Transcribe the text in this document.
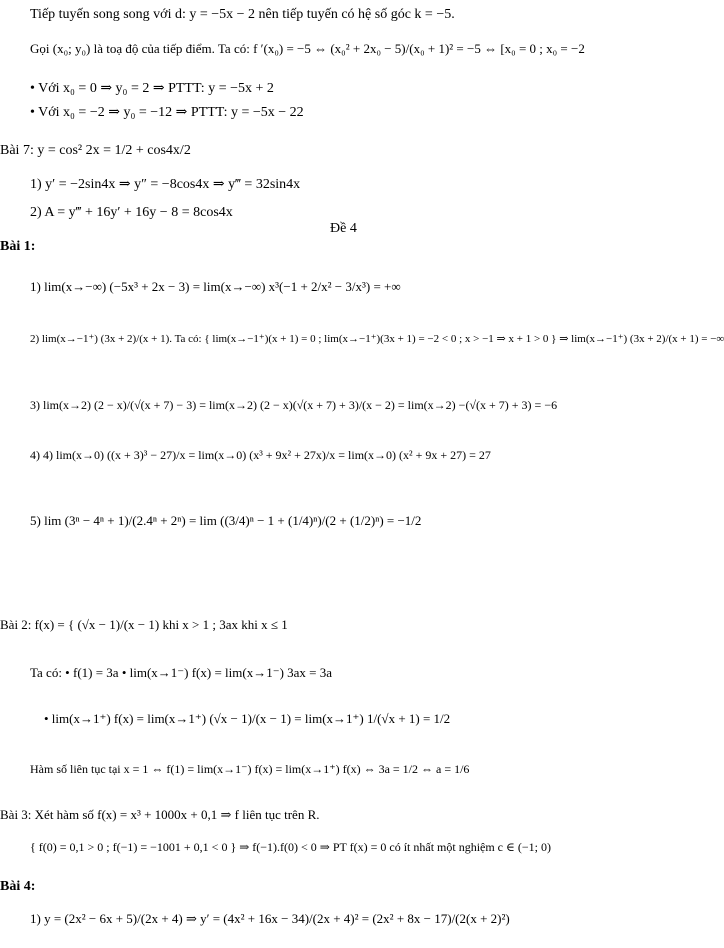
Tiếp tuyến song song với d: y = −5x − 2 nên tiếp tuyến có hệ số góc k = −5.
Gọi (x₀; y₀) là toạ độ của tiếp điểm. Ta có: f ′(x₀) = −5 ⇔ (x₀² + 2x₀ − 5)/(x₀ + 1)² = −5 ⇔ [x₀ = 0 ; x₀ = −2
• Với x₀ = 0 ⇒ y₀ = 2 ⇒ PTTT: y = −5x + 2
• Với x₀ = −2 ⇒ y₀ = −12 ⇒ PTTT: y = −5x − 22
Bài 7: y = cos² 2x = 1/2 + cos4x/2
1) y′ = −2sin4x ⇒ y″ = −8cos4x ⇒ y‴ = 32sin4x
2) A = y‴ + 16y′ + 16y − 8 = 8cos4x
Đề 4
Bài 1:
1) lim(x→−∞) (−5x³ + 2x − 3) = lim(x→−∞) x³(−1 + 2/x² − 3/x³) = +∞
2) lim(x→−1⁺) (3x + 2)/(x + 1). Ta có: { lim(x→−1⁺)(x + 1) = 0 ; lim(x→−1⁺)(3x + 1) = −2 < 0 ; x > −1 ⇒ x + 1 > 0 } ⇒ lim(x→−1⁺) (3x + 2)/(x + 1) = −∞
3) lim(x→2) (2 − x)/(√(x + 7) − 3) = lim(x→2) (2 − x)(√(x + 7) + 3)/(x − 2) = lim(x→2) −(√(x + 7) + 3) = −6
4) 4) lim(x→0) ((x + 3)³ − 27)/x = lim(x→0) (x³ + 9x² + 27x)/x = lim(x→0) (x² + 9x + 27) = 27
5) lim (3ⁿ − 4ⁿ + 1)/(2.4ⁿ + 2ⁿ) = lim ((3/4)ⁿ − 1 + (1/4)ⁿ)/(2 + (1/2)ⁿ) = −1/2
Bài 2: f(x) = { (√x − 1)/(x − 1) khi x > 1 ; 3ax khi x ≤ 1
Ta có: • f(1) = 3a • lim(x→1⁻) f(x) = lim(x→1⁻) 3ax = 3a
• lim(x→1⁺) f(x) = lim(x→1⁺) (√x − 1)/(x − 1) = lim(x→1⁺) 1/(√x + 1) = 1/2
Hàm số liên tục tại x = 1 ⇔ f(1) = lim(x→1⁻) f(x) = lim(x→1⁺) f(x) ⇔ 3a = 1/2 ⇔ a = 1/6
Bài 3: Xét hàm số f(x) = x³ + 1000x + 0,1 ⇒ f liên tục trên R.
{ f(0) = 0,1 > 0 ; f(−1) = −1001 + 0,1 < 0 } ⇒ f(−1).f(0) < 0 ⇒ PT f(x) = 0 có ít nhất một nghiệm c ∈ (−1; 0)
Bài 4:
1) y = (2x² − 6x + 5)/(2x + 4) ⇒ y′ = (4x² + 16x − 34)/(2x + 4)² = (2x² + 8x − 17)/(2(x + 2)²)
